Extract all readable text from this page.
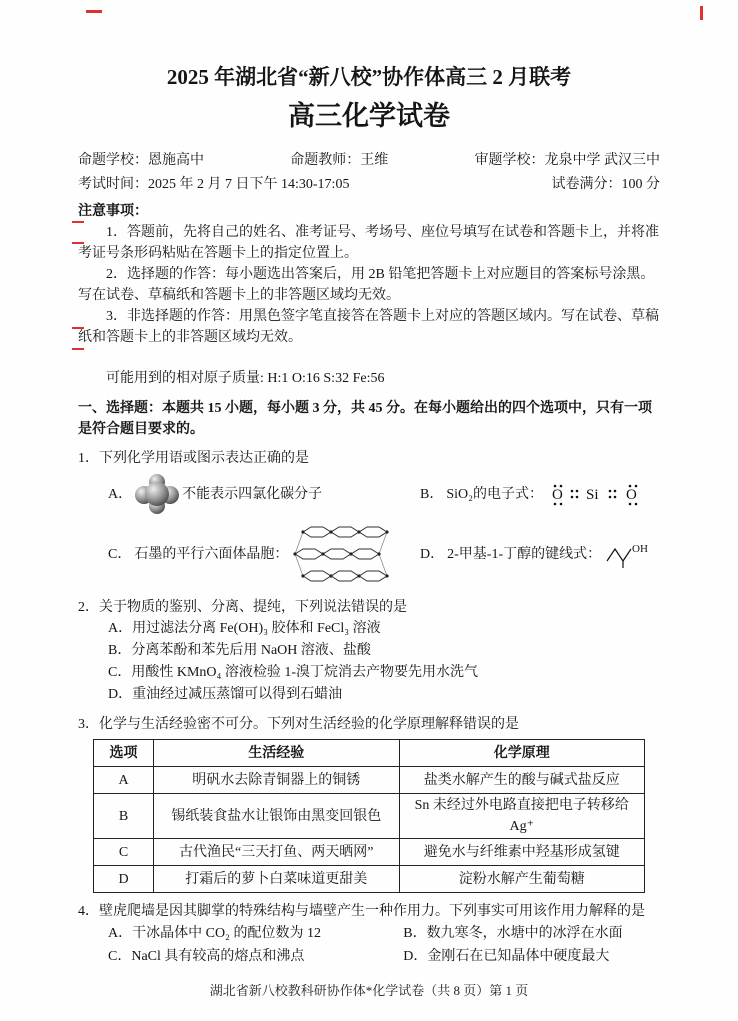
2025 年湖北省“新八校”协作体高三 2 月联考
高三化学试卷
命题学校：恩施高中	命题教师：王维	审题学校：龙泉中学 武汉三中
考试时间：2025 年 2 月 7 日下午 14:30-17:05	试卷满分：100 分
注意事项：

1．答题前，先将自己的姓名、准考证号、考场号、座位号填写在试卷和答题卡上，并将准考证号条形码粘贴在答题卡上的指定位置上。

2．选择题的作答：每小题选出答案后，用 2B 铅笔把答题卡上对应题目的答案标号涂黑。写在试卷、草稿纸和答题卡上的非答题区域均无效。

3．非选择题的作答：用黑色签字笔直接答在答题卡上对应的答题区域内。写在试卷、草稿纸和答题卡上的非答题区域均无效。

可能用到的相对原子质量: H:1 O:16 S:32 Fe:56

一、选择题：本题共 15 小题，每小题 3 分，共 45 分。在每小题给出的四个选项中，只有一项是符合题目要求的。

1．下列化学用语或图示表达正确的是

A．	不能表示四氯化碳分子	B． SiO₂的电子式： O Si O
C． 石墨的平行六面体晶胞：	D． 2-甲基-1-丁醇的键线式：	OH

2．关于物质的鉴别、分离、提纯，下列说法错误的是

A．用过滤法分离 Fe(OH)₃ 胶体和 FeCl₃ 溶液

B．分离苯酚和苯先后用 NaOH 溶液、盐酸

C．用酸性 KMnO₄ 溶液检验 1-溴丁烷消去产物要先用水洗气

D．重油经过减压蒸馏可以得到石蜡油

3．化学与生活经验密不可分。下列对生活经验的化学原理解释错误的是

选项	生活经验	化学原理
A	明矾水去除青铜器上的铜锈	盐类水解产生的酸与碱式盐反应
B	锡纸装食盐水让银饰由黑变回银色	Sn 未经过外电路直接把电子转移给 Ag⁺
C	古代渔民“三天打鱼、两天晒网”	避免水与纤维素中羟基形成氢键
D	打霜后的萝卜白菜味道更甜美	淀粉水解产生葡萄糖

4．壁虎爬墙是因其脚掌的特殊结构与墙壁产生一种作用力。下列事实可用该作用力解释的是

A．干冰晶体中 CO₂ 的配位数为 12	B．数九寒冬，水塘中的冰浮在水面

C．NaCl 具有较高的熔点和沸点	D．金刚石在已知晶体中硬度最大

湖北省新八校教科研协作体*化学试卷（共 8 页）第 1 页
